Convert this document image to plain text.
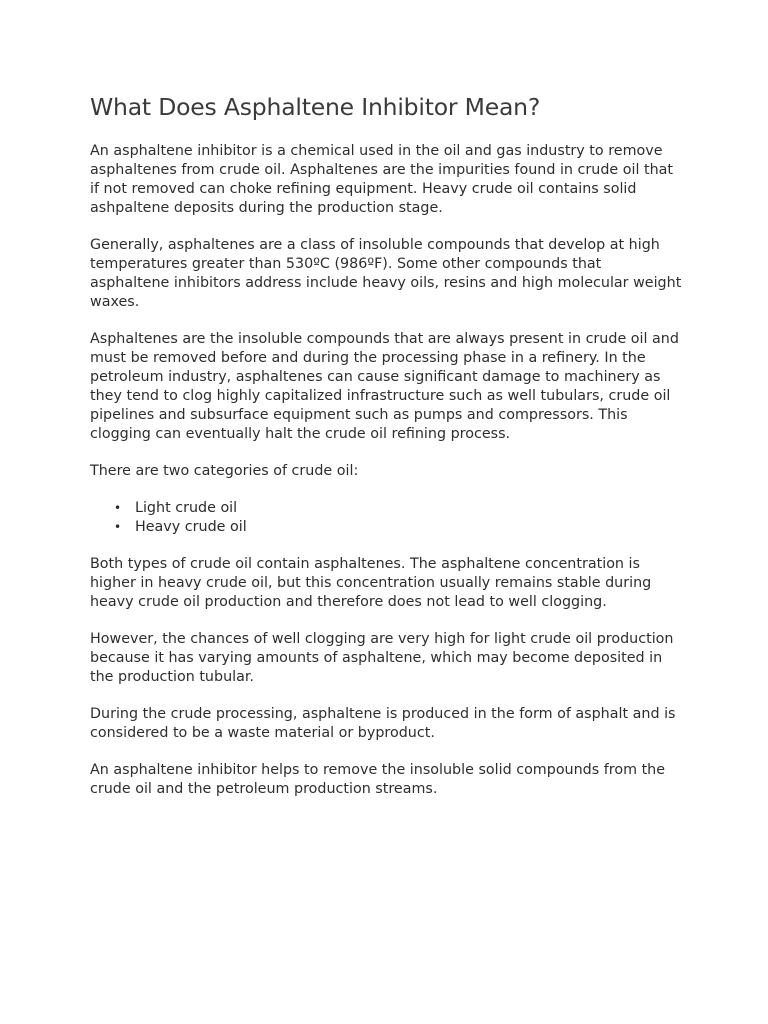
What Does Asphaltene Inhibitor Mean?

An asphaltene inhibitor is a chemical used in the oil and gas industry to remove asphaltenes from crude oil. Asphaltenes are the impurities found in crude oil that if not removed can choke refining equipment. Heavy crude oil contains solid ashpaltene deposits during the production stage.

Generally, asphaltenes are a class of insoluble compounds that develop at high temperatures greater than 530ºC (986ºF). Some other compounds that asphaltene inhibitors address include heavy oils, resins and high molecular weight waxes.

Asphaltenes are the insoluble compounds that are always present in crude oil and must be removed before and during the processing phase in a refinery. In the petroleum industry, asphaltenes can cause significant damage to machinery as they tend to clog highly capitalized infrastructure such as well tubulars, crude oil pipelines and subsurface equipment such as pumps and compressors. This clogging can eventually halt the crude oil refining process.

There are two categories of crude oil:

• Light crude oil
• Heavy crude oil

Both types of crude oil contain asphaltenes. The asphaltene concentration is higher in heavy crude oil, but this concentration usually remains stable during heavy crude oil production and therefore does not lead to well clogging.

However, the chances of well clogging are very high for light crude oil production because it has varying amounts of asphaltene, which may become deposited in the production tubular.

During the crude processing, asphaltene is produced in the form of asphalt and is considered to be a waste material or byproduct.

An asphaltene inhibitor helps to remove the insoluble solid compounds from the crude oil and the petroleum production streams.
